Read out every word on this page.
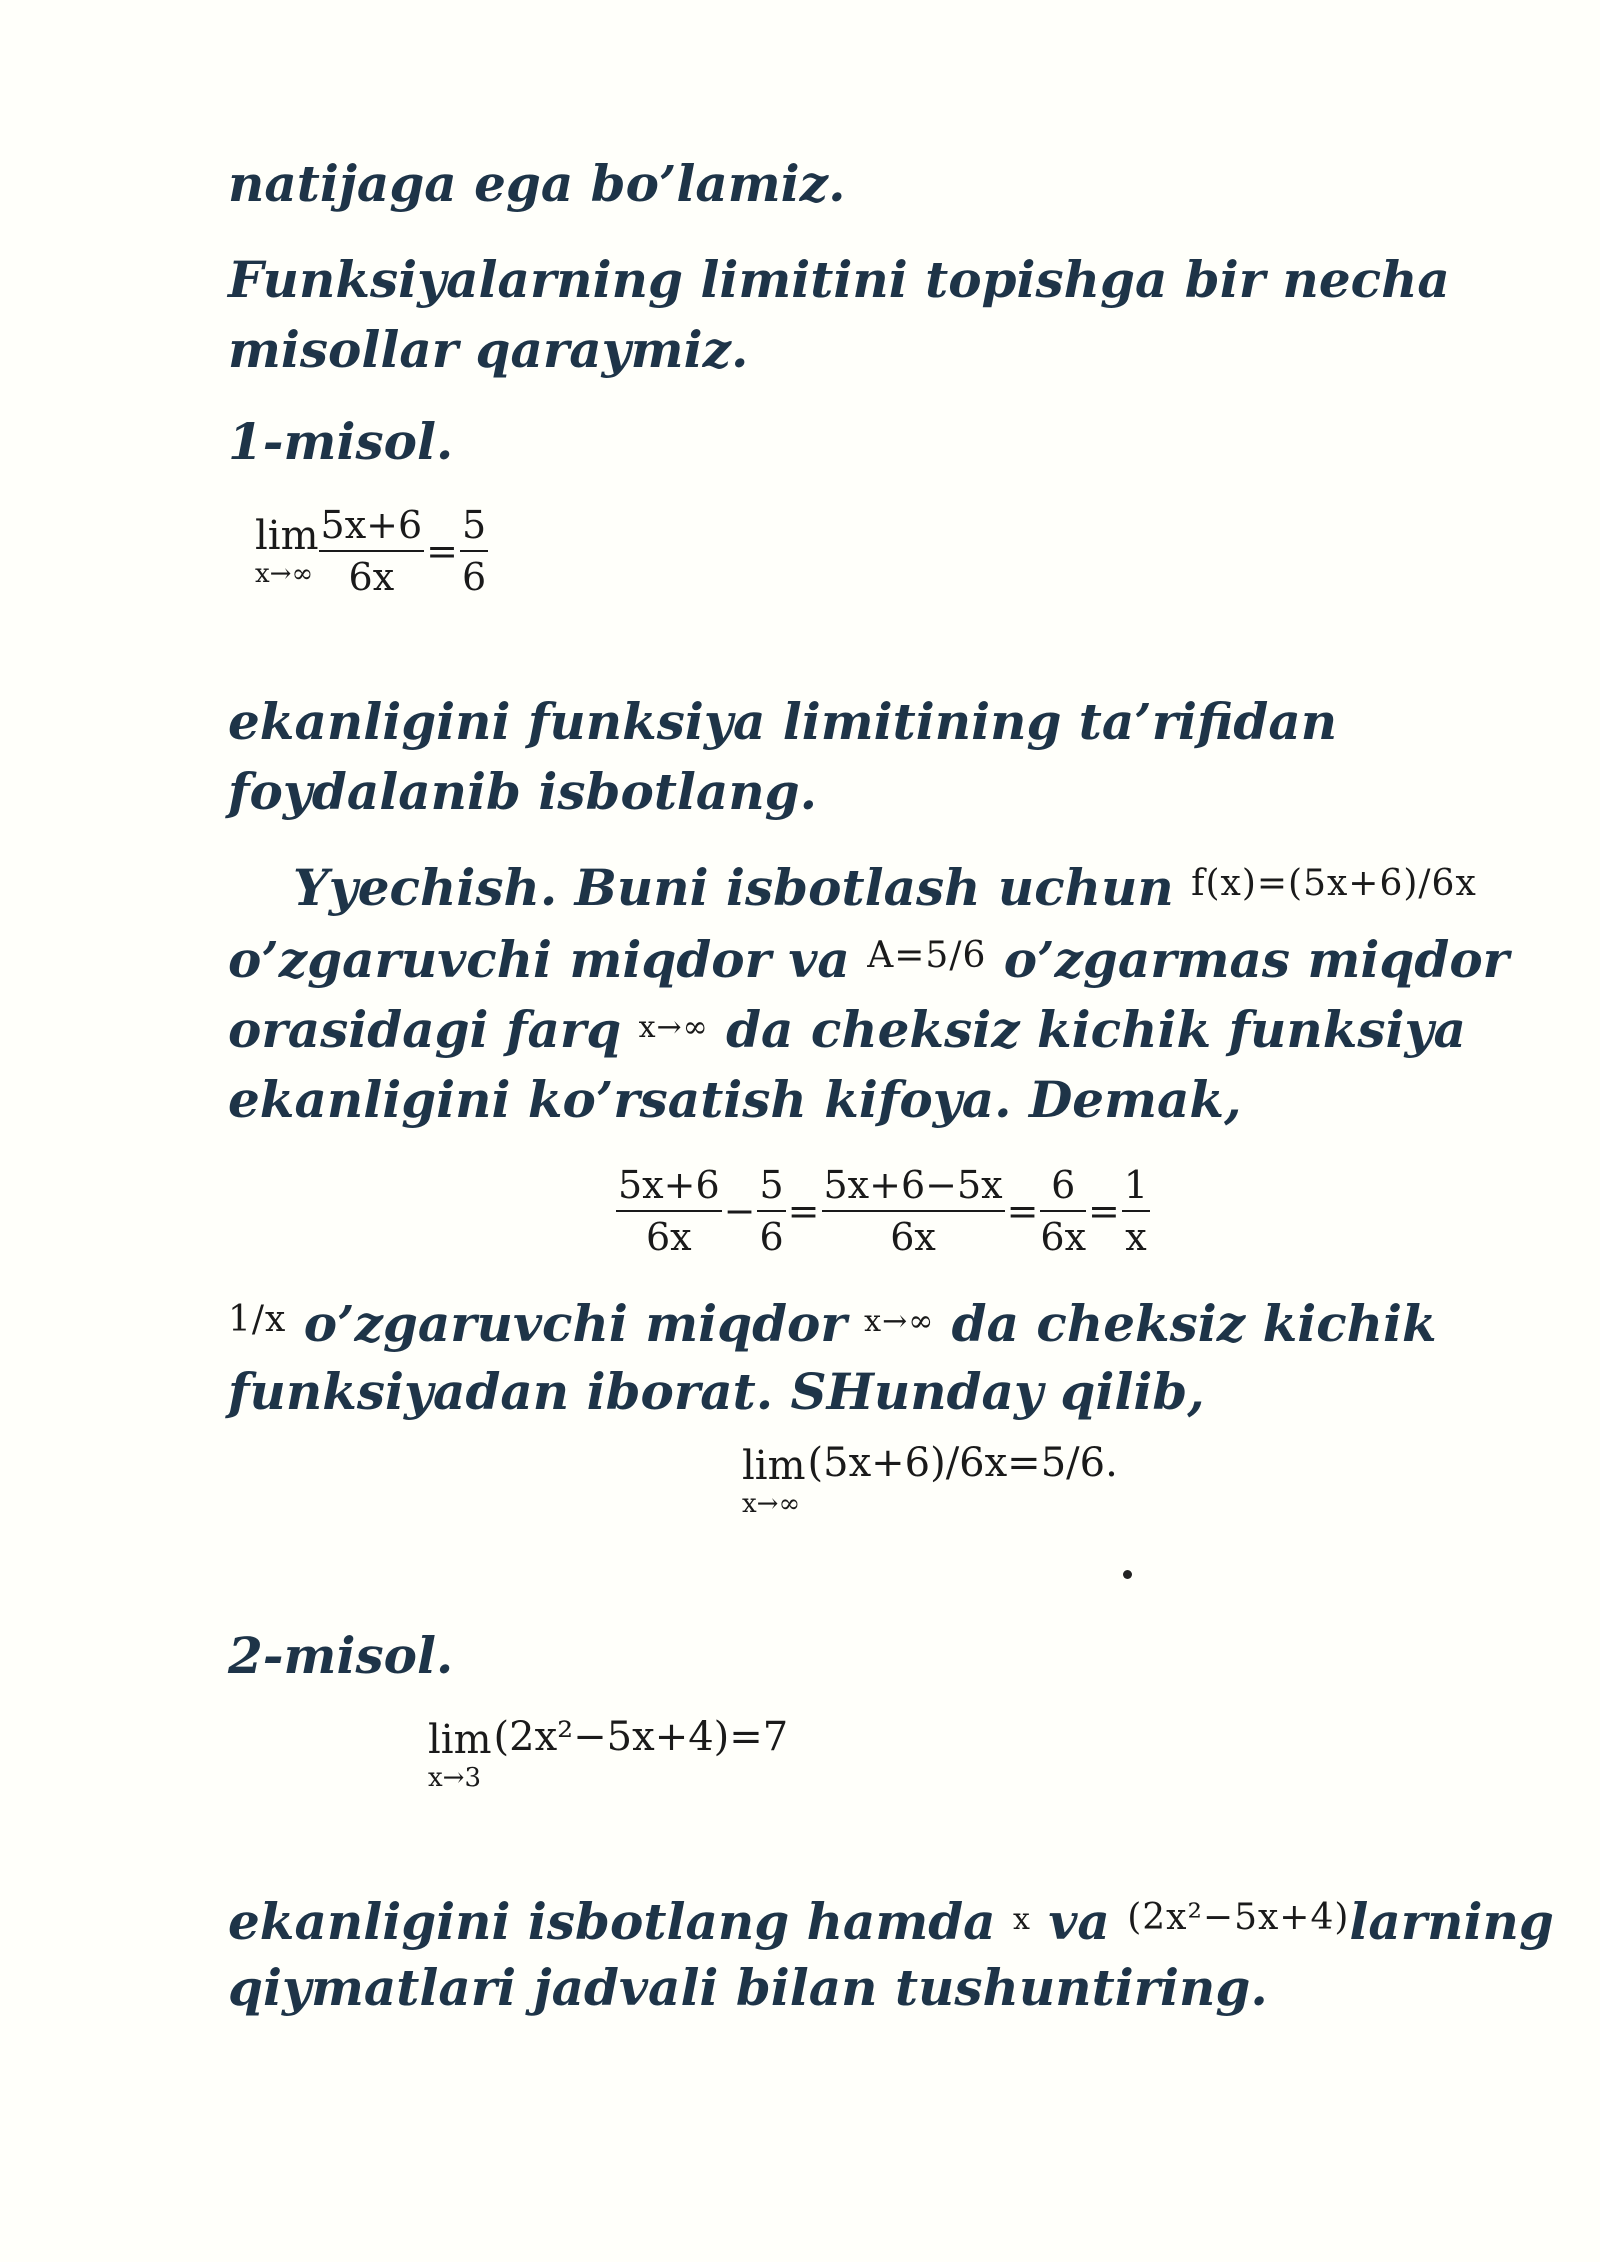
natijaga ega bo’lamiz.
Funksiyalarning limitini topishga bir necha
misollar qaraymiz.
1-misol.
lim
$x\to\infty \frac{5x+6}{6x} = \frac{5}{6}$
ekanligini funksiya limitining ta’rifidan
foydalanib isbotlang.
Yyechish. Buni isbotlash uchun $^{f(x)=(5x+6)/6x}$
o’zgaruvchi miqdor va $^{A=5/6}$ o’zgarmas miqdor
orasidagi farq $^{x\to\infty}$ da cheksiz kichik funksiya
ekanligini ko’rsatish kifoya. Demak,
$\frac{5x+6}{6x} - \frac{5}{6} = \frac{5x+6-5x}{6x} = \frac{6}{6x} = \frac{1}{x}$
$^{1/x}$ o’zgaruvchi miqdor $^{x\to\infty}$ da cheksiz kichik
funksiyadan iborat. SHunday qilib,
lim
x→∞
(5x+6)/6x=5/6.
2-misol.
lim
x→3
(2x²−5x+4)=7
ekanligini isbotlang hamda $^x$ va $^{(2x^2-5x+4)}$larning
qiymatlari jadvali bilan tushuntiring.
